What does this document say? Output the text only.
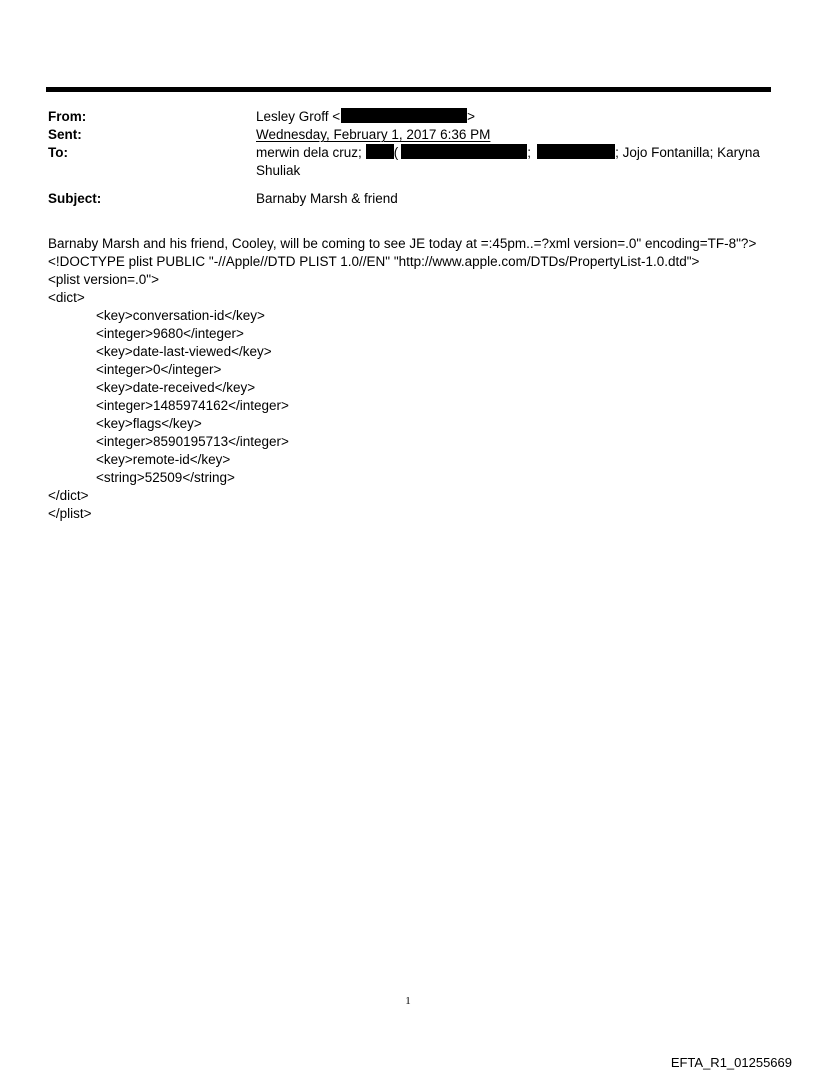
From:	Lesley Groff <	>
Sent:	Wednesday, February 1, 2017 6:36 PM
To:	merwin dela cruz; (	;	; Jojo Fontanilla; Karyna
Shuliak
Subject:	Barnaby Marsh & friend
Barnaby Marsh and his friend, Cooley, will be coming to see JE today at =:45pm..=?xml version=.0" encoding=TF-8"?>
<!DOCTYPE plist PUBLIC "-//Apple//DTD PLIST 1.0//EN" "http://www.apple.com/DTDs/PropertyList-1.0.dtd">
<plist version=.0">
<dict>
<key>conversation-id</key>
<integer>9680</integer>
<key>date-last-viewed</key>
<integer>0</integer>
<key>date-received</key>
<integer>1485974162</integer>
<key>flags</key>
<integer>8590195713</integer>
<key>remote-id</key>
<string>52509</string>
</dict>
</plist>
1
EFTA_R1_01255669
